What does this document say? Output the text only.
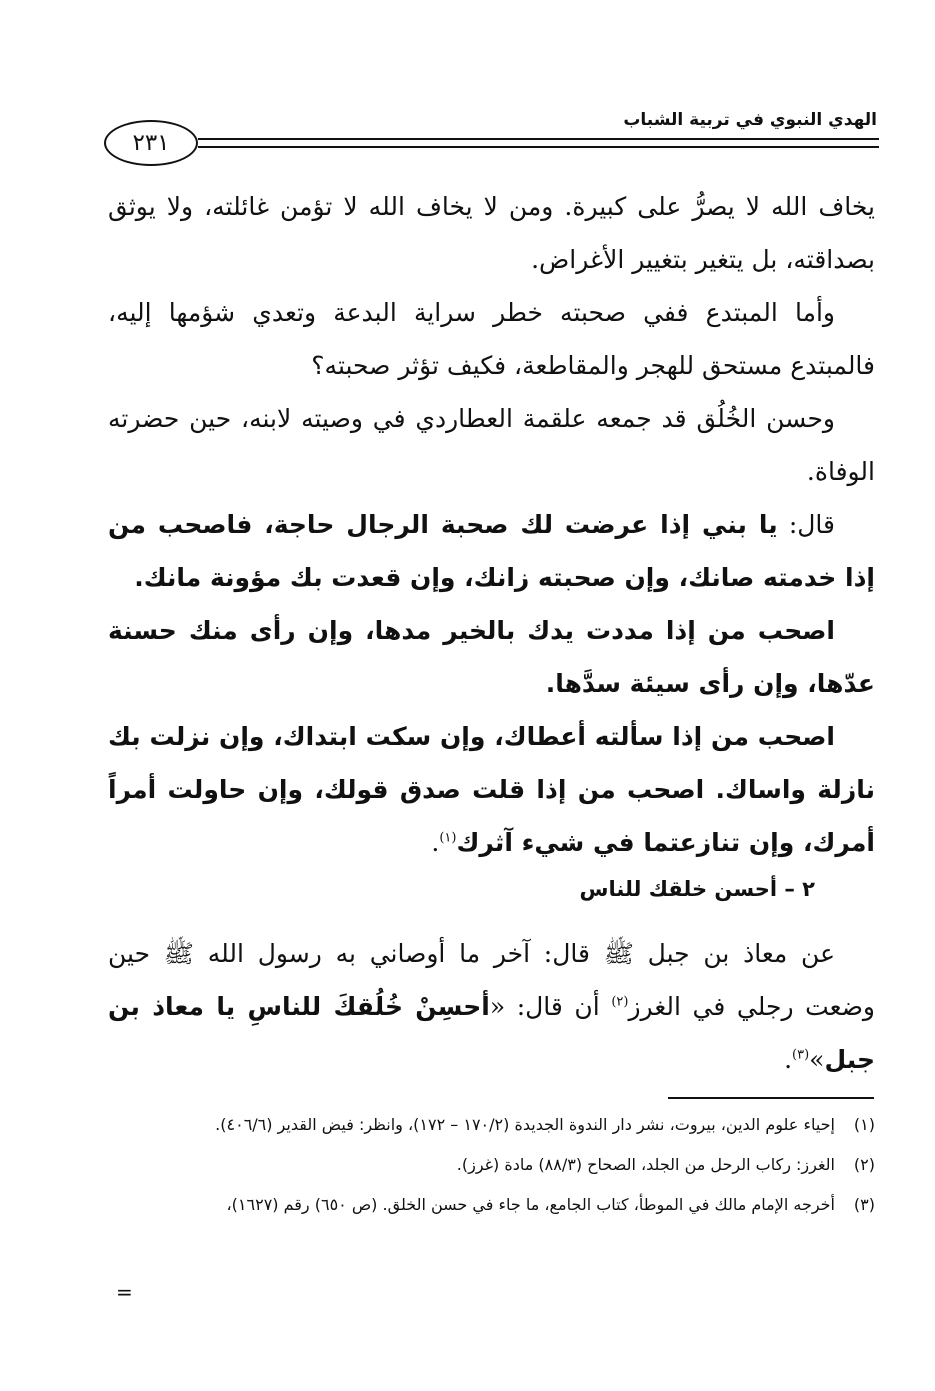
٢٣١
الهدي النبوي في تربية الشباب

يخاف الله لا يصرُّ على كبيرة. ومن لا يخاف الله لا تؤمن غائلته، ولا يوثق بصداقته، بل يتغير بتغيير الأغراض.

وأما المبتدع ففي صحبته خطر سراية البدعة وتعدي شؤمها إليه، فالمبتدع مستحق للهجر والمقاطعة، فكيف تؤثر صحبته؟

وحسن الخُلُق قد جمعه علقمة العطاردي في وصيته لابنه، حين حضرته الوفاة.

قال: يا بني إذا عرضت لك صحبة الرجال حاجة، فاصحب من إذا خدمته صانك، وإن صحبته زانك، وإن قعدت بك مؤونة مانك.

اصحب من إذا مددت يدك بالخير مدها، وإن رأى منك حسنة عدّها، وإن رأى سيئة سدَّها.

اصحب من إذا سألته أعطاك، وإن سكت ابتداك، وإن نزلت بك نازلة واساك. اصحب من إذا قلت صدق قولك، وإن حاولت أمراً أمرك، وإن تنازعتما في شيء آثرك$^{(١)}$.

٢ – أحسن خلقك للناس

عن معاذ بن جبل ﷺ قال: آخر ما أوصاني به رسول الله ﷺ حين وضعت رجلي في الغرز$^{(٢)}$ أن قال: «أحسِنْ خُلُقكَ للناسِ يا معاذ بن جبل»$^{(٣)}$.

(١)
إحياء علوم الدين، بيروت، نشر دار الندوة الجديدة (١٧٠/٢ – ١٧٢)، وانظر: فيض القدير (٤٠٦/٦).

(٢)
الغرز: ركاب الرحل من الجلد، الصحاح (٨٨/٣) مادة (غرز).

(٣)
أخرجه الإمام مالك في الموطأ، كتاب الجامع، ما جاء في حسن الخلق. (ص ٦٥٠) رقم (١٦٢٧)،

=
